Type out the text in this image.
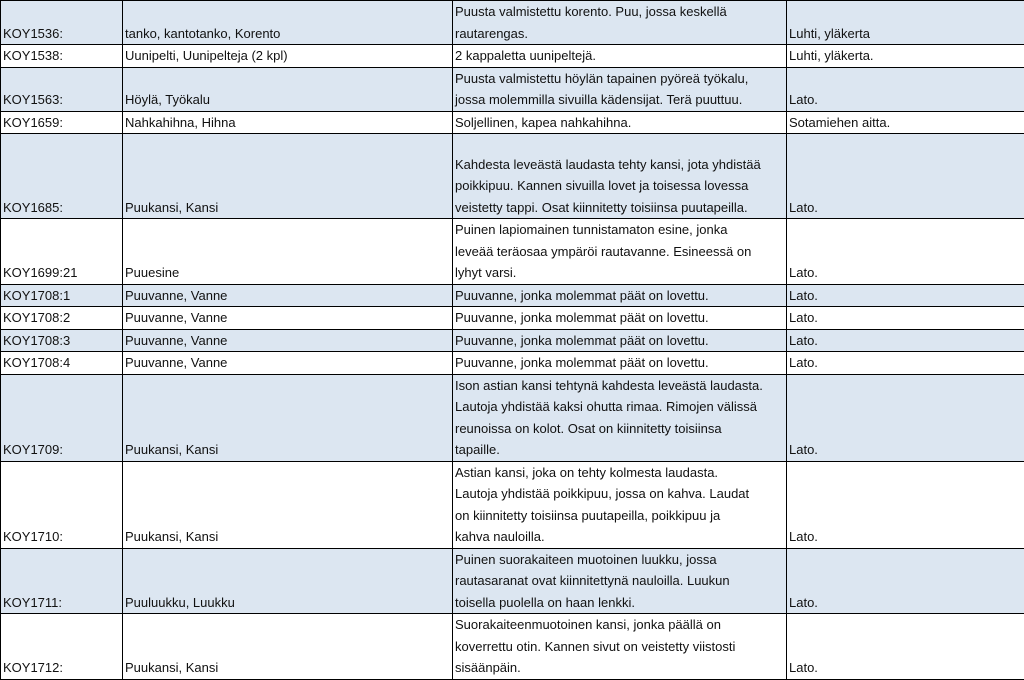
KOY1536:	tanko, kantotanko, Korento	Puusta valmistettu korento. Puu, jossa keskellä
rautarengas.	Luhti, yläkerta
KOY1538:	Uunipelti, Uunipelteja (2 kpl)	2 kappaletta uunipeltejä.	Luhti, yläkerta.
KOY1563:	Höylä, Työkalu	Puusta valmistettu höylän tapainen pyöreä työkalu,
jossa molemmilla sivuilla kädensijat. Terä puuttuu.	Lato.
KOY1659:	Nahkahihna, Hihna	Soljellinen, kapea nahkahihna.	Sotamiehen aitta.
KOY1685:	Puukansi, Kansi	Kahdesta leveästä laudasta tehty kansi, jota yhdistää
poikkipuu. Kannen sivuilla lovet ja toisessa lovessa
veistetty tappi. Osat kiinnitetty toisiinsa puutapeilla.	Lato.
KOY1699:21	Puuesine	Puinen lapiomainen tunnistamaton esine, jonka
leveää teräosaa ympäröi rautavanne. Esineessä on
lyhyt varsi.	Lato.
KOY1708:1	Puuvanne, Vanne	Puuvanne, jonka molemmat päät on lovettu.	Lato.
KOY1708:2	Puuvanne, Vanne	Puuvanne, jonka molemmat päät on lovettu.	Lato.
KOY1708:3	Puuvanne, Vanne	Puuvanne, jonka molemmat päät on lovettu.	Lato.
KOY1708:4	Puuvanne, Vanne	Puuvanne, jonka molemmat päät on lovettu.	Lato.
KOY1709:	Puukansi, Kansi	Ison astian kansi tehtynä kahdesta leveästä laudasta.
Lautoja yhdistää kaksi ohutta rimaa. Rimojen välissä
reunoissa on kolot. Osat on kiinnitetty toisiinsa
tapaille.	Lato.
KOY1710:	Puukansi, Kansi	Astian kansi, joka on tehty kolmesta laudasta.
Lautoja yhdistää poikkipuu, jossa on kahva. Laudat
on kiinnitetty toisiinsa puutapeilla, poikkipuu ja
kahva nauloilla.	Lato.
KOY1711:	Puuluukku, Luukku	Puinen suorakaiteen muotoinen luukku, jossa
rautasaranat ovat kiinnitettynä nauloilla. Luukun
toisella puolella on haan lenkki.	Lato.
KOY1712:	Puukansi, Kansi	Suorakaiteenmuotoinen kansi, jonka päällä on
koverrettu otin. Kannen sivut on veistetty viistosti
sisäänpäin.	Lato.
